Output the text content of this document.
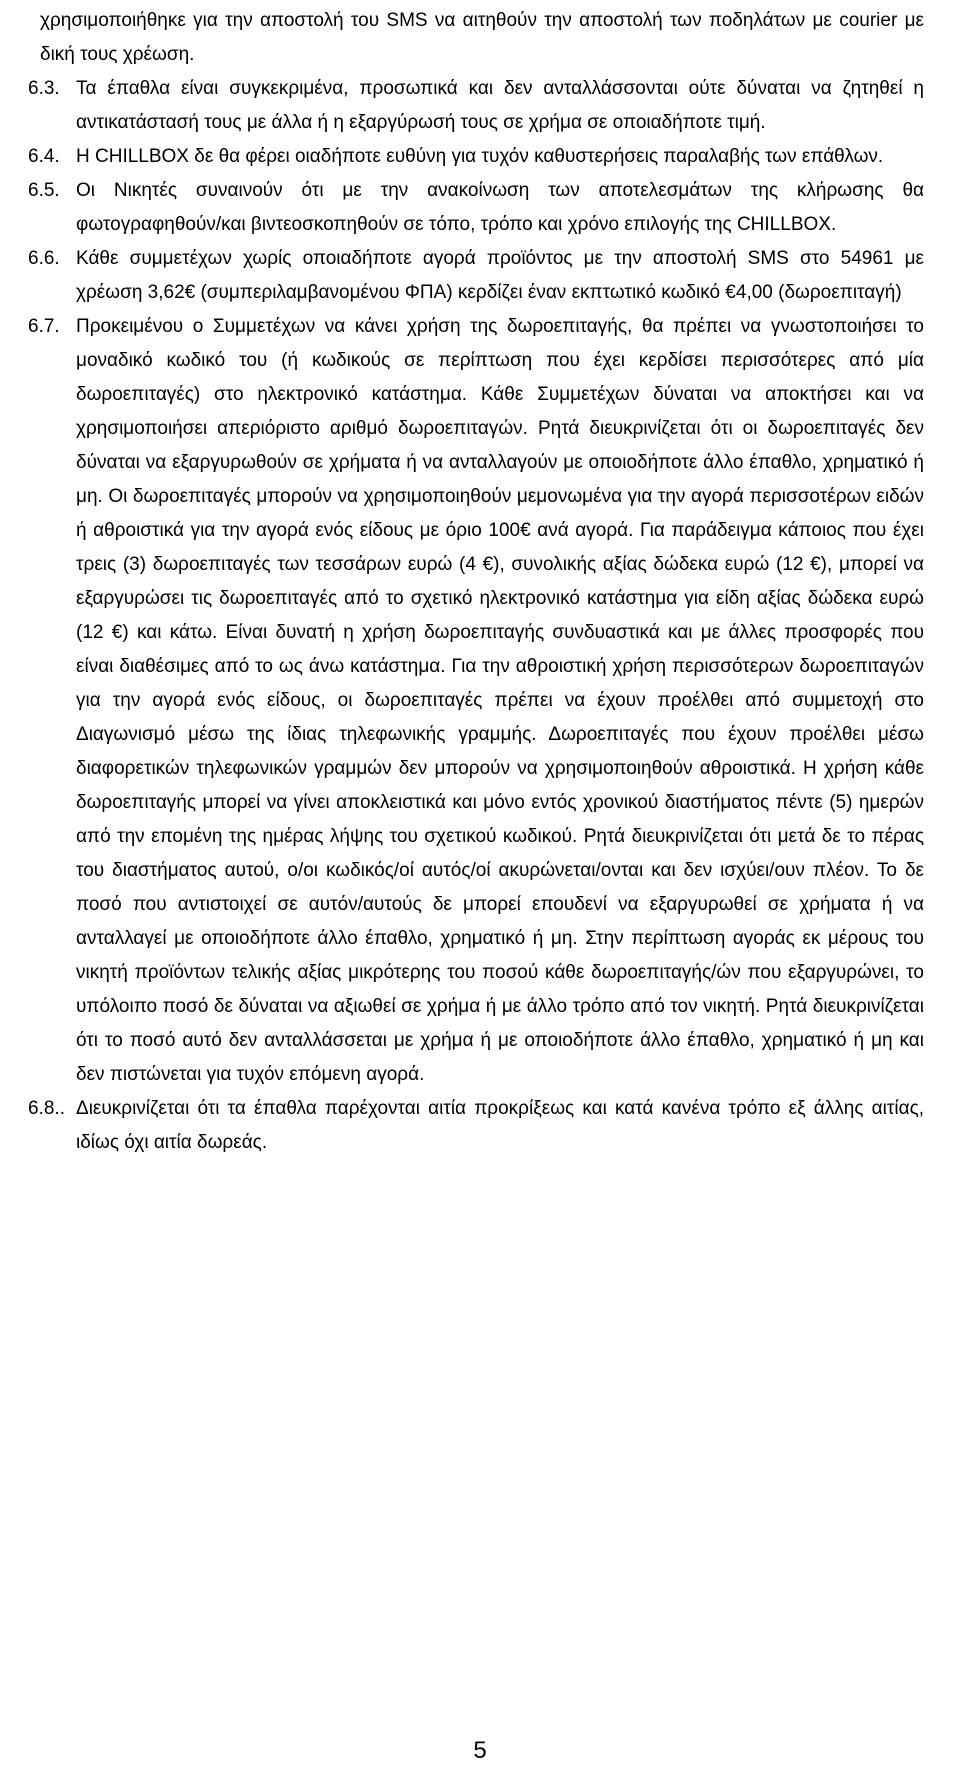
χρησιμοποιήθηκε για την αποστολή του SMS να αιτηθούν την αποστολή των ποδηλάτων με courier με δική τους χρέωση.

6.3. Τα έπαθλα είναι συγκεκριμένα, προσωπικά και δεν ανταλλάσσονται ούτε δύναται να ζητηθεί η αντικατάστασή τους με άλλα ή η εξαργύρωσή τους σε χρήμα σε οποιαδήποτε τιμή.

6.4. Η CHILLBOX δε θα φέρει οιαδήποτε ευθύνη για τυχόν καθυστερήσεις παραλαβής των επάθλων.

6.5. Οι Νικητές συναινούν ότι με την ανακοίνωση των αποτελεσμάτων της κλήρωσης θα φωτογραφηθούν/και βιντεοσκοπηθούν σε τόπο, τρόπο και χρόνο επιλογής της CHILLBOX.

6.6. Κάθε συμμετέχων χωρίς οποιαδήποτε αγορά προϊόντος με την αποστολή SMS στο 54961 με χρέωση 3,62€ (συμπεριλαμβανομένου ΦΠΑ) κερδίζει έναν εκπτωτικό κωδικό €4,00 (δωροεπιταγή)

6.7. Προκειμένου ο Συμμετέχων να κάνει χρήση της δωροεπιταγής, θα πρέπει να γνωστοποιήσει το μοναδικό κωδικό του (ή κωδικούς σε περίπτωση που έχει κερδίσει περισσότερες από μία δωροεπιταγές) στο ηλεκτρονικό κατάστημα. Κάθε Συμμετέχων δύναται να αποκτήσει και να χρησιμοποιήσει απεριόριστο αριθμό δωροεπιταγών. Ρητά διευκρινίζεται ότι οι δωροεπιταγές δεν δύναται να εξαργυρωθούν σε χρήματα ή να ανταλλαγούν με οποιοδήποτε άλλο έπαθλο, χρηματικό ή μη. Οι δωροεπιταγές μπορούν να χρησιμοποιηθούν μεμονωμένα για την αγορά περισσοτέρων ειδών ή αθροιστικά για την αγορά ενός είδους με όριο 100€ ανά αγορά. Για παράδειγμα κάποιος που έχει τρεις (3) δωροεπιταγές των τεσσάρων ευρώ (4 €), συνολικής αξίας δώδεκα ευρώ (12 €), μπορεί να εξαργυρώσει τις δωροεπιταγές από το σχετικό ηλεκτρονικό κατάστημα για είδη αξίας δώδεκα ευρώ (12 €) και κάτω. Είναι δυνατή η χρήση δωροεπιταγής συνδυαστικά και με άλλες προσφορές που είναι διαθέσιμες από το ως άνω κατάστημα. Για την αθροιστική χρήση περισσότερων δωροεπιταγών για την αγορά ενός είδους, οι δωροεπιταγές πρέπει να έχουν προέλθει από συμμετοχή στο Διαγωνισμό μέσω της ίδιας τηλεφωνικής γραμμής. Δωροεπιταγές που έχουν προέλθει μέσω διαφορετικών τηλεφωνικών γραμμών δεν μπορούν να χρησιμοποιηθούν αθροιστικά. Η χρήση κάθε δωροεπιταγής μπορεί να γίνει αποκλειστικά και μόνο εντός χρονικού διαστήματος πέντε (5) ημερών από την επομένη της ημέρας λήψης του σχετικού κωδικού. Ρητά διευκρινίζεται ότι μετά δε το πέρας του διαστήματος αυτού, ο/οι κωδικός/οί αυτός/οί ακυρώνεται/ονται και δεν ισχύει/ουν πλέον. Το δε ποσό που αντιστοιχεί σε αυτόν/αυτούς δε μπορεί επουδενί να εξαργυρωθεί σε χρήματα ή να ανταλλαγεί με οποιοδήποτε άλλο έπαθλο, χρηματικό ή μη. Στην περίπτωση αγοράς εκ μέρους του νικητή προϊόντων τελικής αξίας μικρότερης του ποσού κάθε δωροεπιταγής/ών που εξαργυρώνει, το υπόλοιπο ποσό δε δύναται να αξιωθεί σε χρήμα ή με άλλο τρόπο από τον νικητή. Ρητά διευκρινίζεται ότι το ποσό αυτό δεν ανταλλάσσεται με χρήμα ή με οποιοδήποτε άλλο έπαθλο, χρηματικό ή μη και δεν πιστώνεται για τυχόν επόμενη αγορά.

6.8.. Διευκρινίζεται ότι τα έπαθλα παρέχονται αιτία προκρίξεως και κατά κανένα τρόπο εξ άλλης αιτίας, ιδίως όχι αιτία δωρεάς.

5
